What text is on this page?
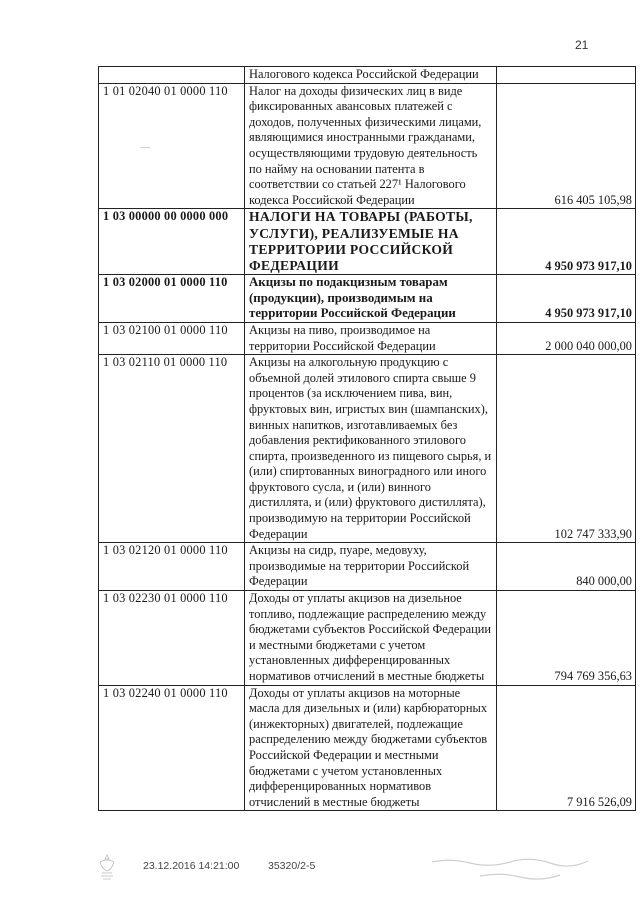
21
	Налогового кодекса Российской Федерации	
1 01 02040 01 0000 110	Налог на доходы физических лиц в виде фиксированных авансовых платежей с доходов, полученных физическими лицами, являющимися иностранными гражданами, осуществляющими трудовую деятельность по найму на основании патента в соответствии со статьей 227¹ Налогового кодекса Российской Федерации	616 405 105,98
1 03 00000 00 0000 000	НАЛОГИ НА ТОВАРЫ (РАБОТЫ, УСЛУГИ), РЕАЛИЗУЕМЫЕ НА ТЕРРИТОРИИ РОССИЙСКОЙ ФЕДЕРАЦИИ	4 950 973 917,10
1 03 02000 01 0000 110	Акцизы по подакцизным товарам (продукции), производимым на территории Российской Федерации	4 950 973 917,10
1 03 02100 01 0000 110	Акцизы на пиво, производимое на территории Российской Федерации	2 000 040 000,00
1 03 02110 01 0000 110	Акцизы на алкогольную продукцию с объемной долей этилового спирта свыше 9 процентов (за исключением пива, вин, фруктовых вин, игристых вин (шампанских), винных напитков, изготавливаемых без добавления ректификованного этилового спирта, произведенного из пищевого сырья, и (или) спиртованных виноградного или иного фруктового сусла, и (или) винного дистиллята, и (или) фруктового дистиллята), производимую на территории Российской Федерации	102 747 333,90
1 03 02120 01 0000 110	Акцизы на сидр, пуаре, медовуху, производимые на территории Российской Федерации	840 000,00
1 03 02230 01 0000 110	Доходы от уплаты акцизов на дизельное топливо, подлежащие распределению между бюджетами субъектов Российской Федерации и местными бюджетами с учетом установленных дифференцированных нормативов отчислений в местные бюджеты	794 769 356,63
1 03 02240 01 0000 110	Доходы от уплаты акцизов на моторные масла для дизельных и (или) карбюраторных (инжекторных) двигателей, подлежащие распределению между бюджетами субъектов Российской Федерации и местными бюджетами с учетом установленных дифференцированных нормативов отчислений в местные бюджеты	7 916 526,09
23.12.2016 14:21:00	35320/2-5
